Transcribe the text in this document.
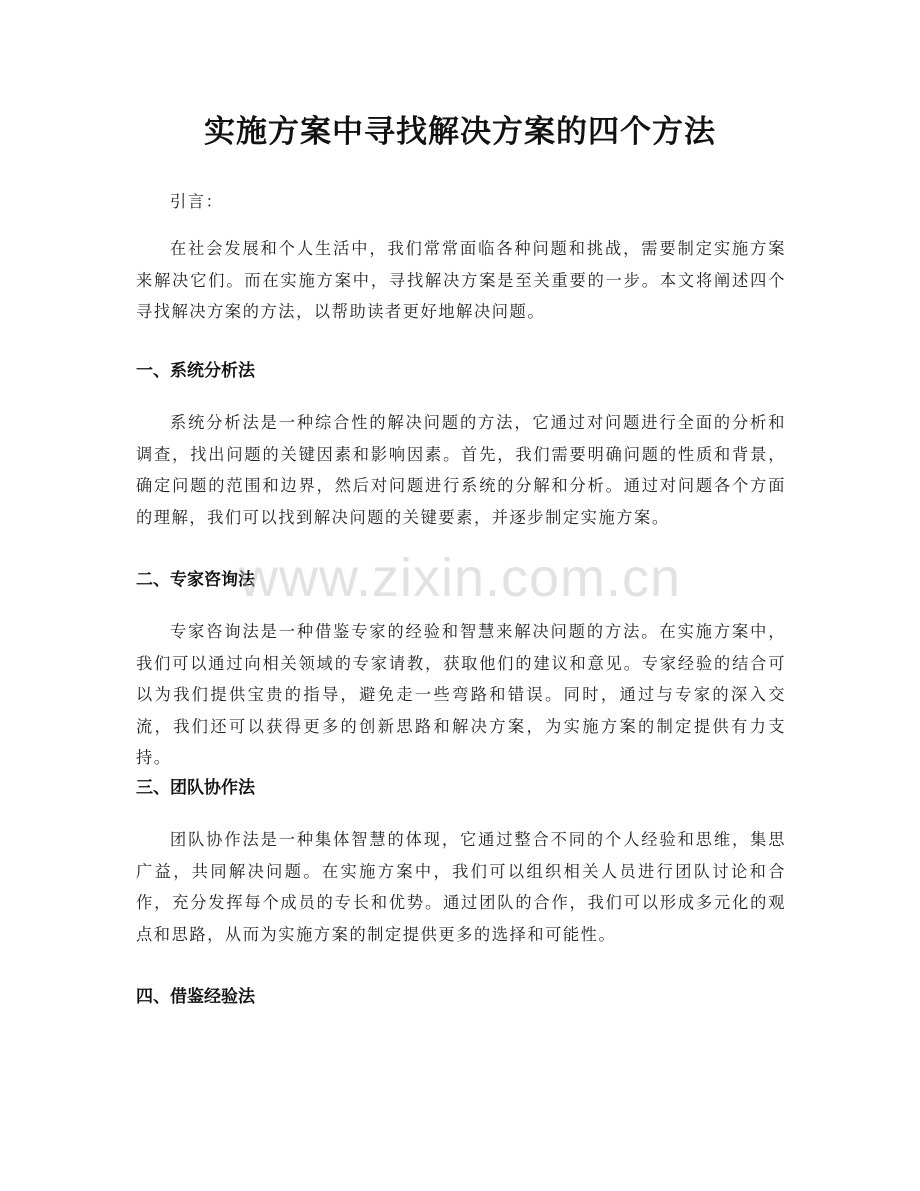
实施方案中寻找解决方案的四个方法

引言：

在社会发展和个人生活中，我们常常面临各种问题和挑战，需要制定实施方案来解决它们。而在实施方案中，寻找解决方案是至关重要的一步。本文将阐述四个寻找解决方案的方法，以帮助读者更好地解决问题。

一、系统分析法

系统分析法是一种综合性的解决问题的方法，它通过对问题进行全面的分析和调查，找出问题的关键因素和影响因素。首先，我们需要明确问题的性质和背景，确定问题的范围和边界，然后对问题进行系统的分解和分析。通过对问题各个方面的理解，我们可以找到解决问题的关键要素，并逐步制定实施方案。

二、专家咨询法

专家咨询法是一种借鉴专家的经验和智慧来解决问题的方法。在实施方案中，我们可以通过向相关领域的专家请教，获取他们的建议和意见。专家经验的结合可以为我们提供宝贵的指导，避免走一些弯路和错误。同时，通过与专家的深入交流，我们还可以获得更多的创新思路和解决方案，为实施方案的制定提供有力支持。

三、团队协作法

团队协作法是一种集体智慧的体现，它通过整合不同的个人经验和思维，集思广益，共同解决问题。在实施方案中，我们可以组织相关人员进行团队讨论和合作，充分发挥每个成员的专长和优势。通过团队的合作，我们可以形成多元化的观点和思路，从而为实施方案的制定提供更多的选择和可能性。

四、借鉴经验法
www.zixin.com.cn
